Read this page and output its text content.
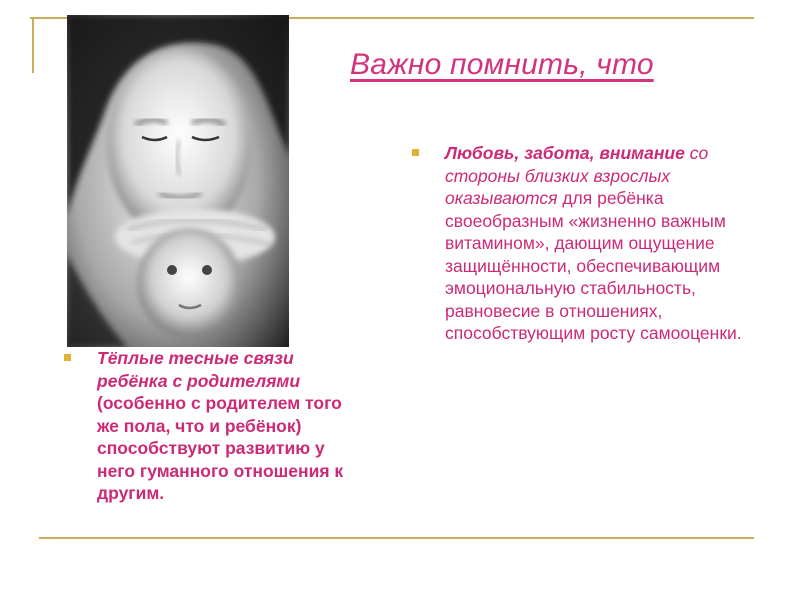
Важно помнить, что

Тёплые тесные связи ребёнка с родителями (особенно с родителем того же пола, что и ребёнок) способствуют развитию у него гуманного отношения к другим.

Любовь, забота, внимание со стороны близких взрослых оказываются для ребёнка своеобразным «жизненно важным витамином», дающим ощущение защищённости, обеспечивающим эмоциональную стабильность, равновесие в отношениях, способствующим росту самооценки.
